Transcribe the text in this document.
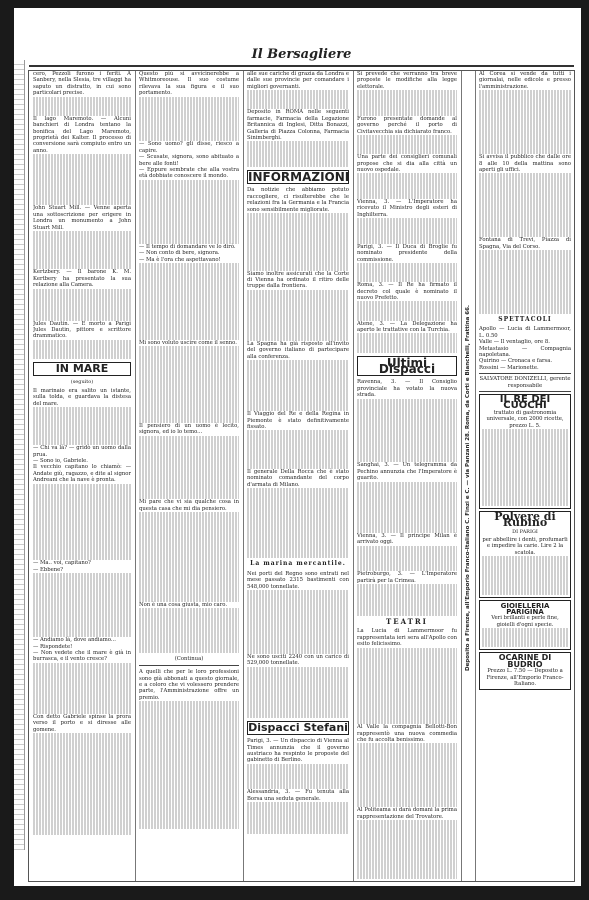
Il Bersagliere
cero, Pezzoli furono i feriti. A Sanbery, nella Slesia, tre villaggi ha saputo un distratto, in cui sono particolari precise.
Il lago Maremoto. — Alcuni banchieri di Londra tentano la bonifica del Lago Maremoto, proprietà dei Kalter. Il processo di conversione sarà compiuto entro un anno.
John Stuart Mill. — Venne aperta una sottoscrizione per erigere in Londra un monumento a John Stuart Mill.
Kertzbery. — Il barone K. M. Kertbery ha presentato la sua relazione alla Camera.
Jules Dautin. — E morto a Parigi Jules Dautin, pittore e scrittore drammatico.
IN MARE
(seguito)
Il marinaio era salito un istante, sulla tolda, e guardava la distesa del mare.
— Chi va là? — gridò un uomo dalla prua.
— Sono io, Gabriele.
Il vecchio capitano lo chiamò: — Andate giù, ragazzo, e dite al signor Andreani che la nave è pronta.
— Ma.. voi, capitano?
— Ebbene?
— Andiamo là, dove andiamo...
— Rispondete!
— Non vedete che il mare è già in burrasca, e il vento cresce?
Con detto Gabriele spinse la prora verso il porto e si diresse alle gomene.
Questo più si avvicinerebbe a Whitmoreouse. Il suo costume rilevava la sua figura e il suo portamento.
— Sono uomo? gli disse, riesco a capire.
— Scusate, signora, sono abituato a bere alle fonti!
— Eppure sembrate che alla vostra età dobbiate conoscere il mondo.
— Il tempo di domandare ve lo dirò.
— Non conto di bere, signora.
— Ma è l'ora che aspettavano!
Mi sono voluto uscire come il senno.
Il pensiero di un uomo è lecito, signora, ed io lo temo...
Mi pare che vi sia qualche cosa in questa casa che mi dia pensiero.
Non è una cosa giusta, mio caro.
(Continua)
A quelli che per le loro professioni sono già abbonati a questo giornale, e a coloro che vi volessero prendere parte, l'Amministrazione offre un premio.
alle sue cariche di grazia da Londra e dalle sue provincie per comandare i migliori governanti.
Deposito in ROMA nelle seguenti farmacie, Farmacia della Legazione Britannica di Inglesi, Ditta Bonazzi, Galleria di Piazza Colonna, Farmacia Sinimberghi.
INFORMAZIONI
Da notizie che abbiamo potuto raccogliere, ci risulterebbe che le relazioni fra la Germania e la Francia sono sensibilmente migliorate.
Siamo inoltre assicurati che la Corte di Vienna ha ordinato il ritiro delle truppe dalla frontiera.
La Spagna ha già risposto all'invito del governo italiano di partecipare alla conferenza.
Il Viaggio del Re e della Regina in Piemonte è stato definitivamente fissato.
Il generale Della Rocca che è stato nominato comandante del corpo d'armata di Milano.
La marina mercantile.
Nei porti del Regno sono entrati nel mese passato 2315 bastimenti con 548,000 tonnellate.
Ne sono usciti 2240 con un carico di 529,000 tonnellate.
Dispacci Stefani
Parigi, 3. — Un dispaccio di Vienna al Times annunzia che il governo austriaco ha respinto le proposte del gabinetto di Berlino.
Alessandria, 3. — Fu tenuta alla Borsa una seduta generale.
Si prevede che verranno tra breve proposte le modifiche alla legge elettorale.
Furono presentate domande al governo perché il porto di Civitavecchia sia dichiarato franco.
Una parte dei consiglieri comunali propose che si dia alla città un nuovo ospedale.
Vienna, 3. — L'Imperatore ha ricevuto il Ministro degli esteri di Inghilterra.
Parigi, 3. — Il Duca di Broglie fu nominato presidente della commissione.
Roma, 3. — Il Re ha firmato il decreto col quale è nominato il nuovo Prefetto.
Atene, 3. — La Delegazione ha aperto le trattative con la Turchia.
Ultimi Dispacci
Ravenna, 3. — Il Consiglio provinciale ha votato la nuova strada.
Sanghai, 3. — Un telegramma da Pechino annunzia che l'Imperatore è guarito.
Vienna, 3. — Il principe Milan è arrivato oggi.
Pietroburgo, 3. — L'Imperatore partirà per la Crimea.
TEATRI
La Lucia di Lammermoor fu rappresentata ieri sera all'Apollo con esito felicissimo.
Al Valle la compagnia Bellotti-Bon rappresentò una nuova commedia che fu accolta benissimo.
Al Politeama si darà domani la prima rappresentazione del Trovatore.
Deposito a Firenze, all'Emporio Franco-Italiano C. Finzi e C. — via Panzani 28. Roma, da Corti e Bianchelli, Frattina 66.
Al Corea si vende da tutti i giornalai, nelle edicole e presso l'amministrazione.
Si avvisa il pubblico che dalle ore 8 alle 10 della mattina sono aperti gli uffici.
Fontana di Trevi, Piazza di Spagna, Via del Corso.
SPETTACOLI
Apollo — Lucia di Lammermoor, L. 0.50
Valle — Il ventaglio, ore 8.
Metastasio — Compagnia napoletana.
Quirino — Cronaca e farsa.
Rossini — Marionette.
SALVATORE DONIZELLI, gerente responsabile
IL RE DEI CUOCHI
trattato di gastronomia universale, con 2000 ricette, prezzo L. 5.
Polvere di Rubino
DI PARIGI
per abbellire i denti, profumarli e impedire la carie. Lire 2 la scatola.
GIOIELLERIA PARIGINA
Veri brillanti e perle fine, gioielli d'ogni specie.
OCARINE DI BUDRIO
Prezzo L. 7.50 — Deposito a Firenze, all'Emporio Franco-Italiano.
